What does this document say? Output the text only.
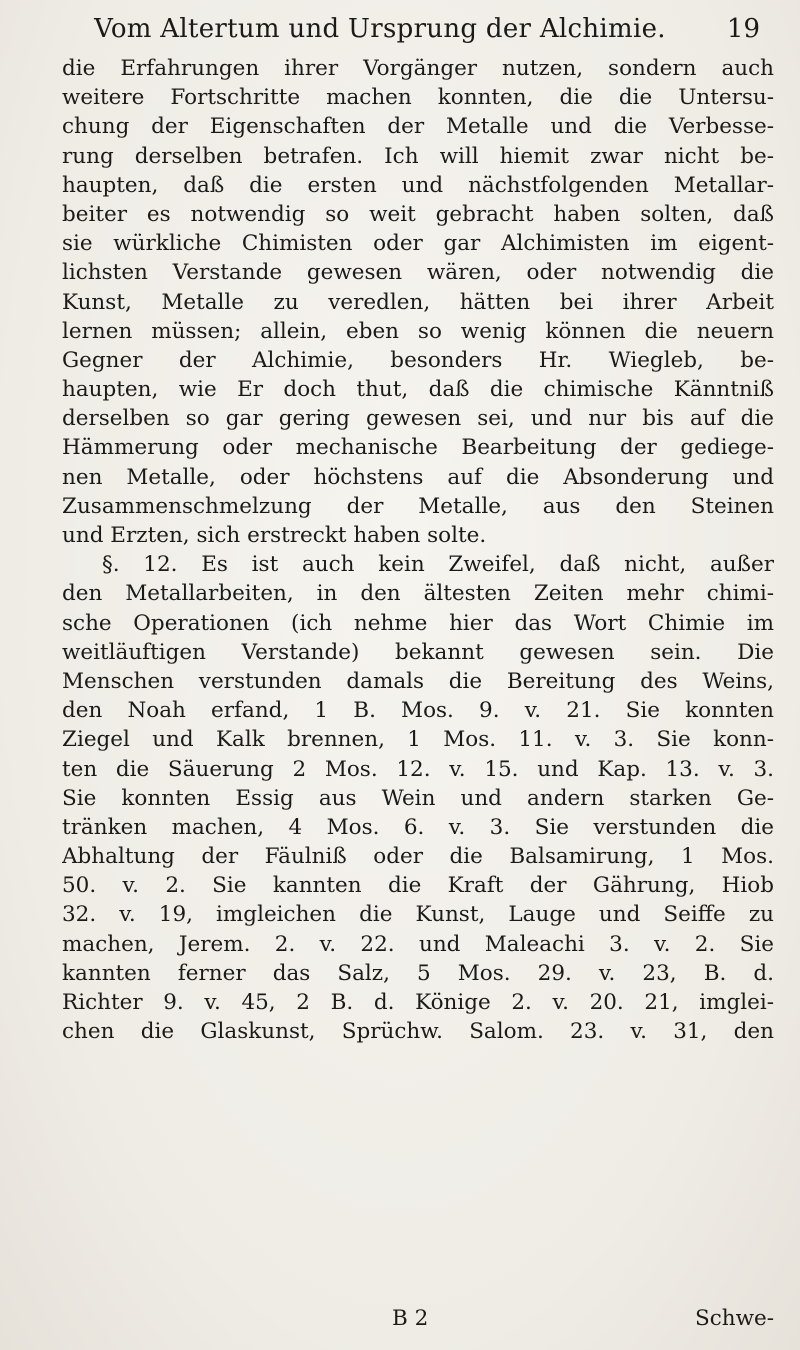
Vom Altertum und Ursprung der Alchimie.	19
die Erfahrungen ihrer Vorgänger nutzen, sondern auch
weitere Fortschritte machen konnten, die die Untersu-
chung der Eigenschaften der Metalle und die Verbesse-
rung derselben betrafen. Ich will hiemit zwar nicht be-
haupten, daß die ersten und nächstfolgenden Metallar-
beiter es notwendig so weit gebracht haben solten, daß
sie würkliche Chimisten oder gar Alchimisten im eigent-
lichsten Verstande gewesen wären, oder notwendig die
Kunst, Metalle zu veredlen, hätten bei ihrer Arbeit
lernen müssen; allein, eben so wenig können die neuern
Gegner der Alchimie, besonders Hr. Wiegleb, be-
haupten, wie Er doch thut, daß die chimische Känntniß
derselben so gar gering gewesen sei, und nur bis auf die
Hämmerung oder mechanische Bearbeitung der gediege-
nen Metalle, oder höchstens auf die Absonderung und
Zusammenschmelzung der Metalle, aus den Steinen
und Erzten, sich erstreckt haben solte.
§. 12. Es ist auch kein Zweifel, daß nicht, außer
den Metallarbeiten, in den ältesten Zeiten mehr chimi-
sche Operationen (ich nehme hier das Wort Chimie im
weitläuftigen Verstande) bekannt gewesen sein. Die
Menschen verstunden damals die Bereitung des Weins,
den Noah erfand, 1 B. Mos. 9. v. 21. Sie konnten
Ziegel und Kalk brennen, 1 Mos. 11. v. 3. Sie konn-
ten die Säuerung 2 Mos. 12. v. 15. und Kap. 13. v. 3.
Sie konnten Essig aus Wein und andern starken Ge-
tränken machen, 4 Mos. 6. v. 3. Sie verstunden die
Abhaltung der Fäulniß oder die Balsamirung, 1 Mos.
50. v. 2. Sie kannten die Kraft der Gährung, Hiob
32. v. 19, imgleichen die Kunst, Lauge und Seiffe zu
machen, Jerem. 2. v. 22. und Maleachi 3. v. 2. Sie
kannten ferner das Salz, 5 Mos. 29. v. 23, B. d.
Richter 9. v. 45, 2 B. d. Könige 2. v. 20. 21, imglei-
chen die Glaskunst, Sprüchw. Salom. 23. v. 31, den
B 2	Schwe-
